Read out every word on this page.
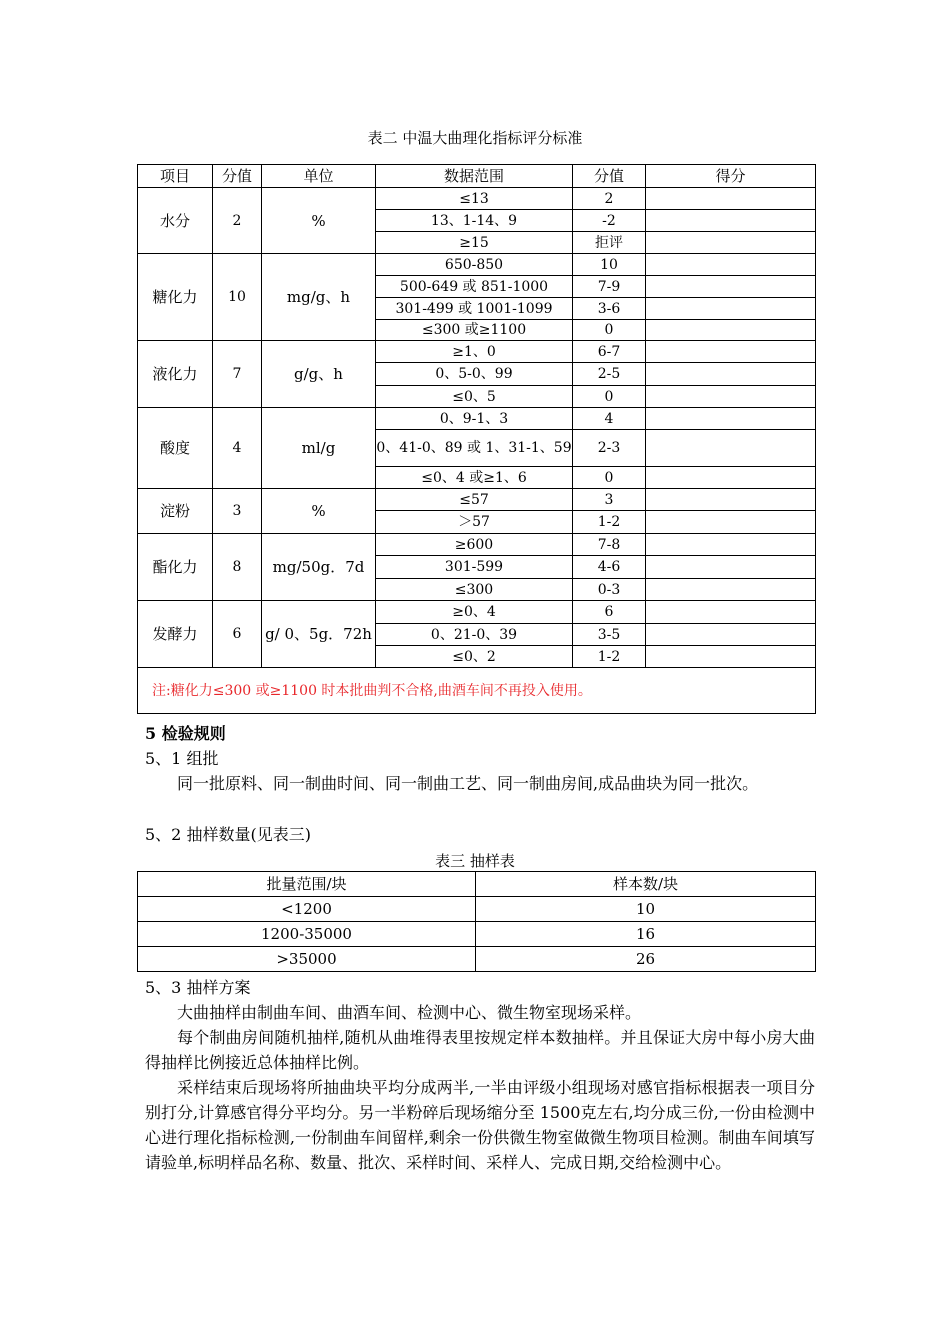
表二 中温大曲理化指标评分标准
项目	分值	单位	数据范围	分值	得分
水分	2	%	≤13	2	
			13、1-14、9	-2	
			≥15	拒评	
糖化力	10	mg/g、h	650-850	10	
			500-649 或 851-1000	7-9	
			301-499 或 1001-1099	3-6	
			≤300 或≥1100	0	
液化力	7	g/g、h	≥1、0	6-7	
			0、5-0、99	2-5	
			≤0、5	0	
酸度	4	ml/g	0、9-1、3	4	
			0、41-0、89 或 1、31-1、59	2-3	
			≤0、4 或≥1、6	0	
淀粉	3	%	≤57	3	
			＞57	1-2	
酯化力	8	mg/50g．7d	≥600	7-8	
			301-599	4-6	
			≤300	0-3	
发酵力	6	g/ 0、5g．72h	≥0、4	6	
			0、21-0、39	3-5	
			≤0、2	1-2	
注:糖化力≤300 或≥1100 时本批曲判不合格,曲酒车间不再投入使用。					
5 检验规则
5、1 组批
同一批原料、同一制曲时间、同一制曲工艺、同一制曲房间,成品曲块为同一批次。
5、2 抽样数量(见表三)
表三 抽样表
批量范围/块	样本数/块
<1200	10
1200-35000	16
>35000	26
5、3 抽样方案
大曲抽样由制曲车间、曲酒车间、检测中心、微生物室现场采样。
每个制曲房间随机抽样,随机从曲堆得表里按规定样本数抽样。并且保证大房中每小房大曲得抽样比例接近总体抽样比例。
采样结束后现场将所抽曲块平均分成两半,一半由评级小组现场对感官指标根据表一项目分别打分,计算感官得分平均分。另一半粉碎后现场缩分至 1500克左右,均分成三份,一份由检测中心进行理化指标检测,一份制曲车间留样,剩余一份供微生物室做微生物项目检测。制曲车间填写请验单,标明样品名称、数量、批次、采样时间、采样人、完成日期,交给检测中心。
